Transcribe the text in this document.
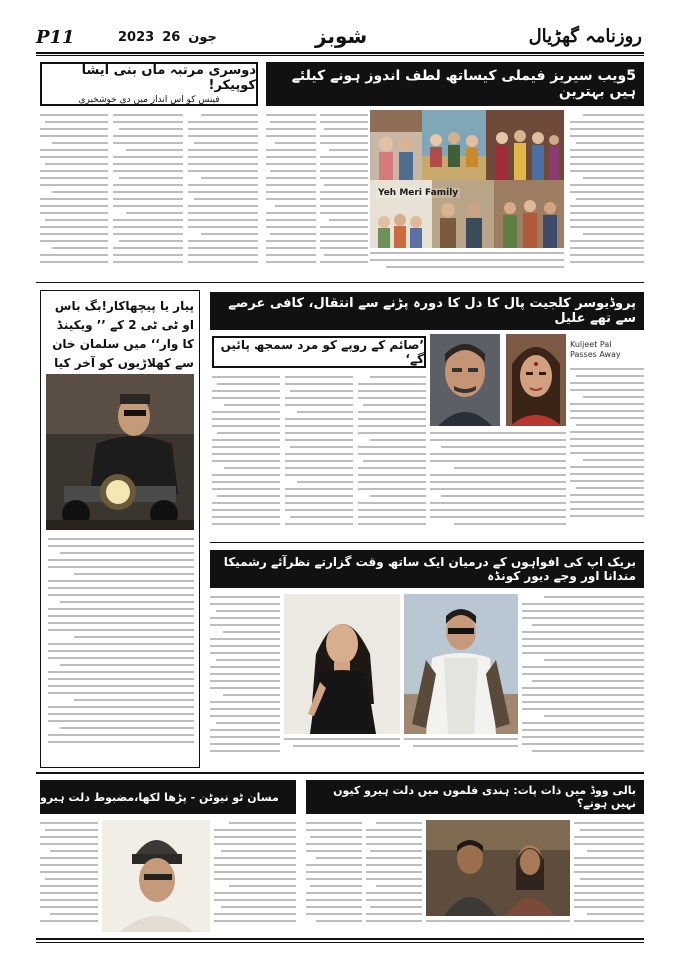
P11	2023 26 جون	شوبز	روزنامہ گھڑیال
دوسری مرتبہ ماں بنی ایشا کوپیکر!
فینس کو اس انداز میں دی خوشخبری
5ویب سیریز فیملی کیساتھ لطف اندوز ہونے کیلئے ہیں بہترین
Yeh Meri Family
پیار یا پیچھاکار!بگ باس او ٹی ٹی 2 کے ’’ ویکینڈ کا وار‘‘ میں سلمان خان سے کھلاڑیوں کو آخر کیا
پروڈیوسر کلجیت پال کا دل کا دورہ پڑنے سے انتقال، کافی عرصے سے تھے علیل
’صائم کے روپے کو مرد سمجھ پائیں گے‘
Kuljeet Pal
Passes Away
بریک اپ کی افواہوں کے درمیان ایک ساتھ وقت گزارتے نظرآئے رشمیکا مندانا اور وجے دیور کونڈہ
مسان ٹو نیوٹن - پڑھا لکھا،مضبوط دلت ہیرو	بالی ووڈ میں ذات پات: ہندی فلموں میں دلت ہیرو کیوں نہیں ہوتے؟
